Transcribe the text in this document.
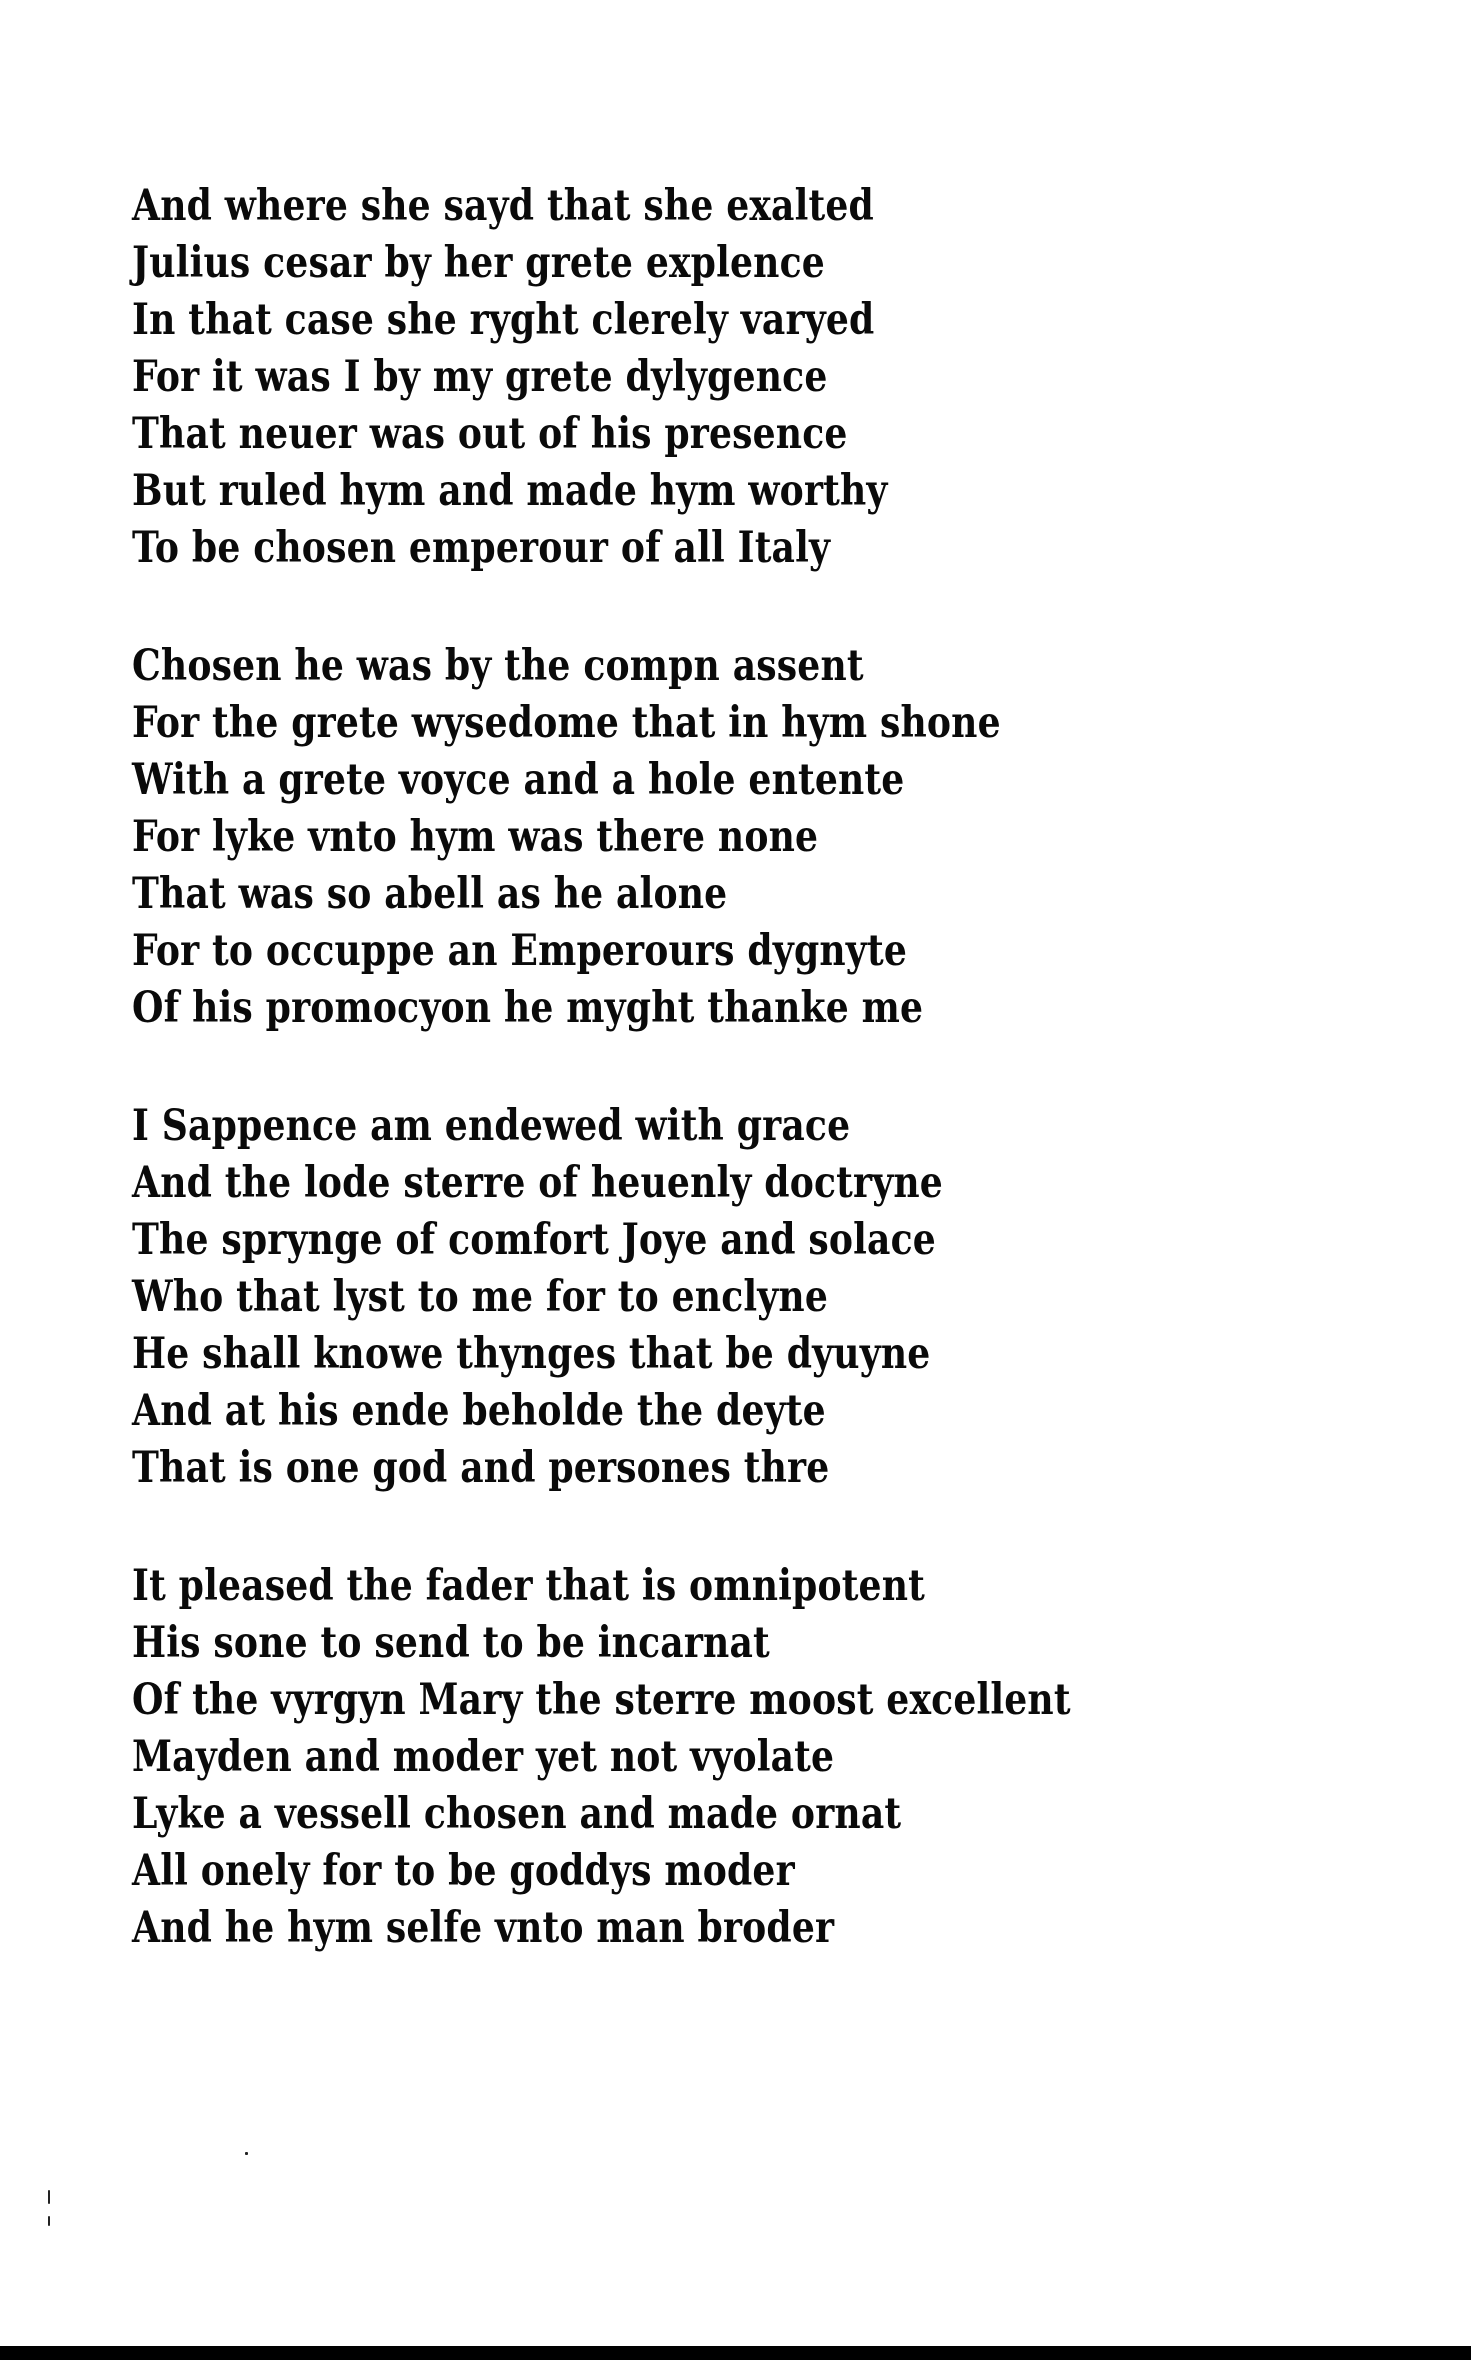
And where she sayd that she exalted
Julius cesar by her grete explence
In that case she ryght clerely varyed
For it was I by my grete dylygence
That neuer was out of his presence
But ruled hym and made hym worthy
To be chosen emperour of all Italy
Chosen he was by the compn assent
For the grete wysedome that in hym shone
With a grete voyce and a hole entente
For lyke vnto hym was there none
That was so abell as he alone
For to occuppe an Emperours dygnyte
Of his promocyon he myght thanke me
I Sappence am endewed with grace
And the lode sterre of heuenly doctryne
The sprynge of comfort Joye and solace
Who that lyst to me for to enclyne
He shall knowe thynges that be dyuyne
And at his ende beholde the deyte
That is one god and persones thre
It pleased the fader that is omnipotent
His sone to send to be incarnat
Of the vyrgyn Mary the sterre moost excellent
Mayden and moder yet not vyolate
Lyke a vessell chosen and made ornat
All onely for to be goddys moder
And he hym selfe vnto man broder
